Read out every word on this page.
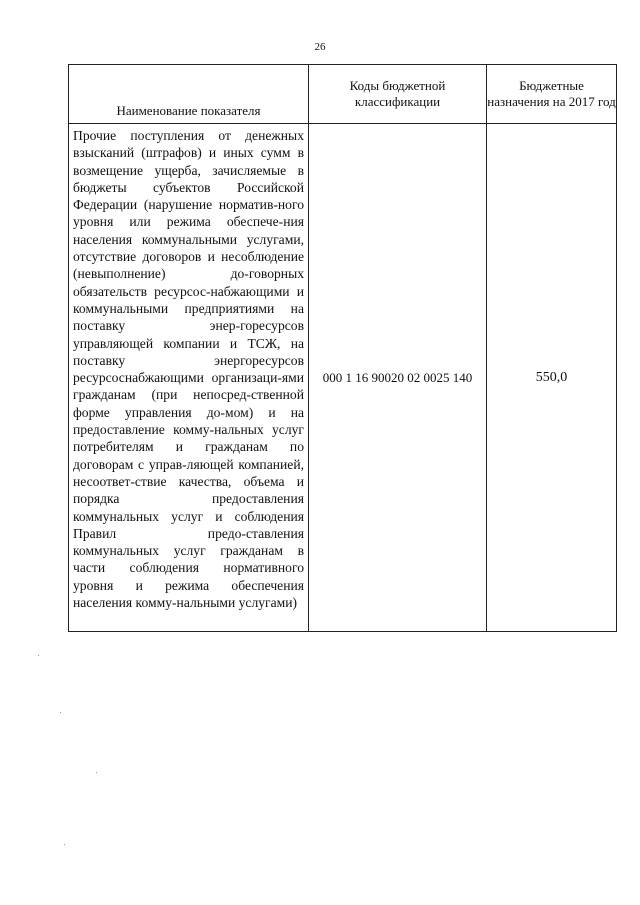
26
Наименование показателя	Коды бюджетной классификации	Бюджетные назначения на 2017 год
Прочие поступления от денежных взысканий (штрафов) и иных сумм в возмещение ущерба, зачисляемые в бюджеты субъектов Российской Федерации (нарушение норматив-ного уровня или режима обеспече-ния населения коммунальными услугами, отсутствие договоров и несоблюдение (невыполнение) до-говорных обязательств ресурсос-набжающими и коммунальными предприятиями на поставку энер-горесурсов управляющей компании и ТСЖ, на поставку энергоресурсов ресурсоснабжающими организаци-ями гражданам (при непосред-ственной форме управления до-мом) и на предоставление комму-нальных услуг потребителям и гражданам по договорам с управ-ляющей компанией, несоответ-ствие качества, объема и порядка предоставления коммунальных услуг и соблюдения Правил предо-ставления коммунальных услуг гражданам в части соблюдения нормативного уровня и режима обеспечения населения комму-нальными услугами)	000 1 16 90020 02 0025 140	550,0
